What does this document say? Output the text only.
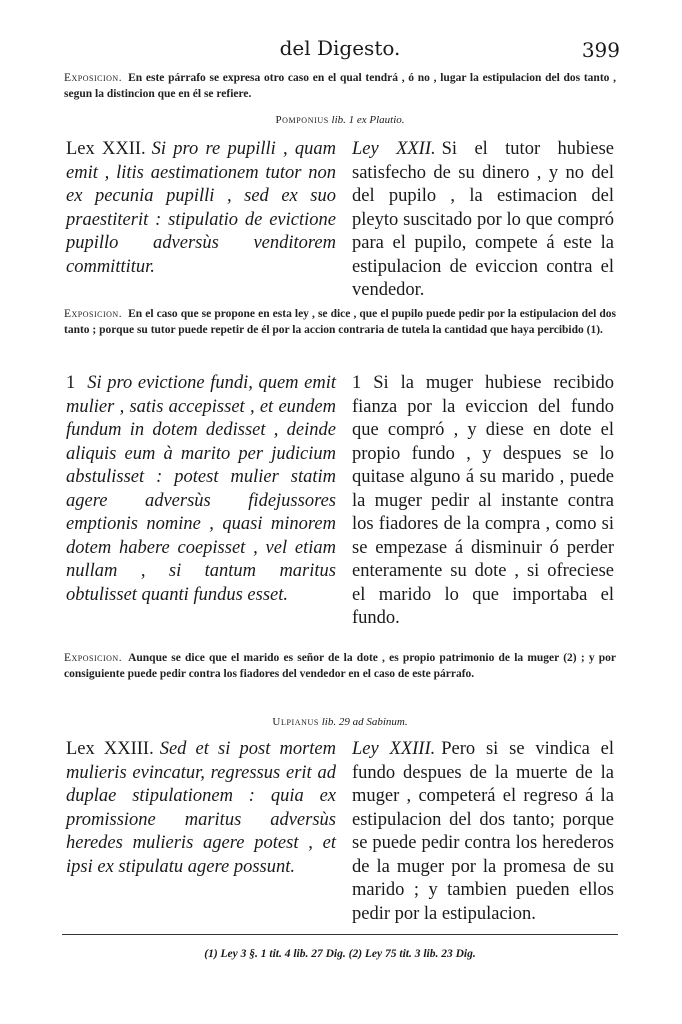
del Digesto.	399
Exposicion. En este párrafo se expresa otro caso en el qual tendrá , ó no , lugar la estipulacion del dos tanto , segun la distincion que en él se refiere.
Pomponius lib. 1 ex Plautio.
Lex XXII. Si pro re pupilli , quam emit , litis aestimationem tutor non ex pecunia pupilli , sed ex suo praestiterit : stipulatio de evictione pupillo adversùs venditorem committitur.
Ley XXII. Si el tutor hubiese satisfecho de su dinero , y no del del pupilo , la estimacion del pleyto suscitado por lo que compró para el pupilo, compete á este la estipulacion de eviccion contra el vendedor.
Exposicion. En el caso que se propone en esta ley , se dice , que el pupilo puede pedir por la estipulacion del dos tanto ; porque su tutor puede repetir de él por la accion contraria de tutela la cantidad que haya percibido (1).
1 Si pro evictione fundi, quem emit mulier , satis accepisset , et eundem fundum in dotem dedisset , deinde aliquis eum à marito per judicium abstulisset : potest mulier statim agere adversùs fidejussores emptionis nomine , quasi minorem dotem habere coepisset , vel etiam nullam , si tantum maritus obtulisset quanti fundus esset.
1 Si la muger hubiese recibido fianza por la eviccion del fundo que compró , y diese en dote el propio fundo , y despues se lo quitase alguno á su marido , puede la muger pedir al instante contra los fiadores de la compra , como si se empezase á disminuir ó perder enteramente su dote , si ofreciese el marido lo que importaba el fundo.
Exposicion. Aunque se dice que el marido es señor de la dote , es propio patrimonio de la muger (2) ; y por consiguiente puede pedir contra los fiadores del vendedor en el caso de este párrafo.
Ulpianus lib. 29 ad Sabinum.
Lex XXIII. Sed et si post mortem mulieris evincatur, regressus erit ad duplae stipulationem : quia ex promissione maritus adversùs heredes mulieris agere potest , et ipsi ex stipulatu agere possunt.
Ley XXIII. Pero si se vindica el fundo despues de la muerte de la muger , competerá el regreso á la estipulacion del dos tanto; porque se puede pedir contra los herederos de la muger por la promesa de su marido ; y tambien pueden ellos pedir por la estipulacion.
(1) Ley 3 §. 1 tit. 4 lib. 27 Dig. (2) Ley 75 tit. 3 lib. 23 Dig.
